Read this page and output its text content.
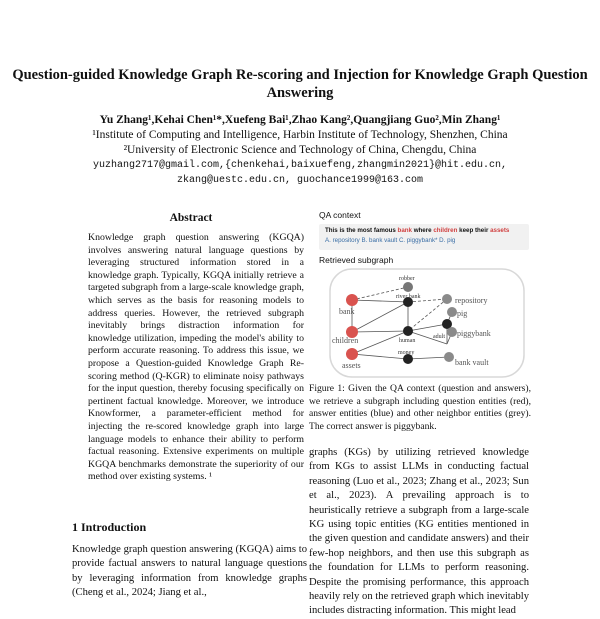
Question-guided Knowledge Graph Re-scoring and Injection for Knowledge Graph Question Answering
Yu Zhang¹,Kehai Chen¹*,Xuefeng Bai¹,Zhao Kang²,Quangjiang Guo²,Min Zhang¹
¹Institute of Computing and Intelligence, Harbin Institute of Technology, Shenzhen, China
²University of Electronic Science and Technology of China, Chengdu, China
yuzhang2717@gmail.com,{chenkehai,baixuefeng,zhangmin2021}@hit.edu.cn,
zkang@uestc.edu.cn, guochance1999@163.com
Abstract
Knowledge graph question answering (KGQA) involves answering natural language questions by leveraging structured information stored in a knowledge graph. Typically, KGQA initially retrieve a targeted subgraph from a large-scale knowledge graph, which serves as the basis for reasoning models to address queries. However, the retrieved subgraph inevitably brings distraction information for knowledge utilization, impeding the model's ability to perform accurate reasoning. To address this issue, we propose a Question-guided Knowledge Graph Re-scoring method (Q-KGR) to eliminate noisy pathways for the input question, thereby focusing specifically on pertinent factual knowledge. Moreover, we introduce Knowformer, a parameter-efficient method for injecting the re-scored knowledge graph into large language models to enhance their ability to perform factual reasoning. Extensive experiments on multiple KGQA benchmarks demonstrate the superiority of our method over existing systems. ¹
1 Introduction
Knowledge graph question answering (KGQA) aims to provide factual answers to natural language questions by leveraging information from knowledge graphs (Cheng et al., 2024; Jiang et al.,
QA context
This is the most famous bank where children keep their assets
A. repository B. bank vault C. piggybank* D. pig
Retrieved subgraph
robber
river bank	repository
bank	pig
children	adult
human
piggybank
assets
money
bank vault
Figure 1: Given the QA context (question and answers), we retrieve a subgraph including question entities (red), answer entities (blue) and other neighbor entities (grey). The correct answer is piggybank.
graphs (KGs) by utilizing retrieved knowledge from KGs to assist LLMs in conducting factual reasoning (Luo et al., 2023; Zhang et al., 2023; Sun et al., 2023). A prevailing approach is to heuristically retrieve a subgraph from a large-scale KG using topic entities (KG entities mentioned in the given question and candidate answers) and their few-hop neighbors, and then use this subgraph as the foundation for LLMs to perform reasoning. Despite the promising performance, this approach heavily rely on the retrieved graph which inevitably includes distracting information. This might lead
